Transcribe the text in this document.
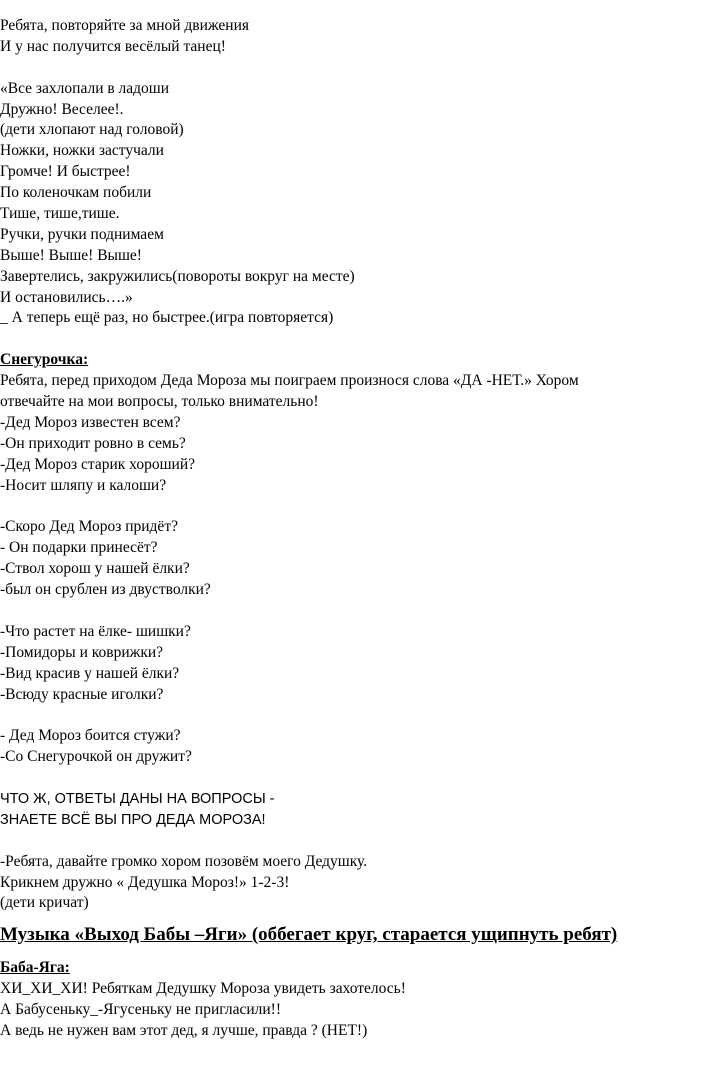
Ребята, повторяйте за мной движения
И у нас получится весёлый танец!
«Все захлопали в ладоши
Дружно! Веселее!.
(дети хлопают над головой)
Ножки, ножки застучали
Громче! И быстрее!
По коленочкам побили
Тише, тише,тише.
Ручки, ручки поднимаем
Выше! Выше! Выше!
Завертелись, закружились(повороты вокруг на месте)
И остановились….»
_ А теперь ещё раз, но быстрее.(игра повторяется)
Снегурочка:
Ребята, перед приходом Деда Мороза мы поиграем произнося слова «ДА -НЕТ.» Хором
отвечайте на мои вопросы, только внимательно!
-Дед Мороз известен всем?
-Он приходит ровно в семь?
-Дед Мороз старик хороший?
-Носит шляпу и калоши?
-Скоро Дед Мороз придёт?
- Он подарки принесёт?
-Ствол хорош у нашей ёлки?
-был он срублен из двустволки?
-Что растет на ёлке- шишки?
-Помидоры и коврижки?
-Вид красив у нашей ёлки?
-Всюду красные иголки?
- Дед Мороз боится стужи?
-Со Снегурочкой он дружит?
ЧТО Ж, ОТВЕТЫ ДАНЫ НА ВОПРОСЫ -
ЗНАЕТЕ ВСЁ ВЫ ПРО ДЕДА МОРОЗА!
-Ребята, давайте громко хором позовём моего Дедушку.
Крикнем дружно « Дедушка Мороз!» 1-2-3!
(дети кричат)
Музыка «Выход Бабы –Яги» (оббегает круг, старается ущипнуть ребят)
Баба-Яга:
ХИ_ХИ_ХИ! Ребяткам Дедушку Мороза увидеть захотелось!
А Бабусеньку_-Ягусеньку не пригласили!!
А ведь не нужен вам этот дед, я лучше, правда ? (НЕТ!)
